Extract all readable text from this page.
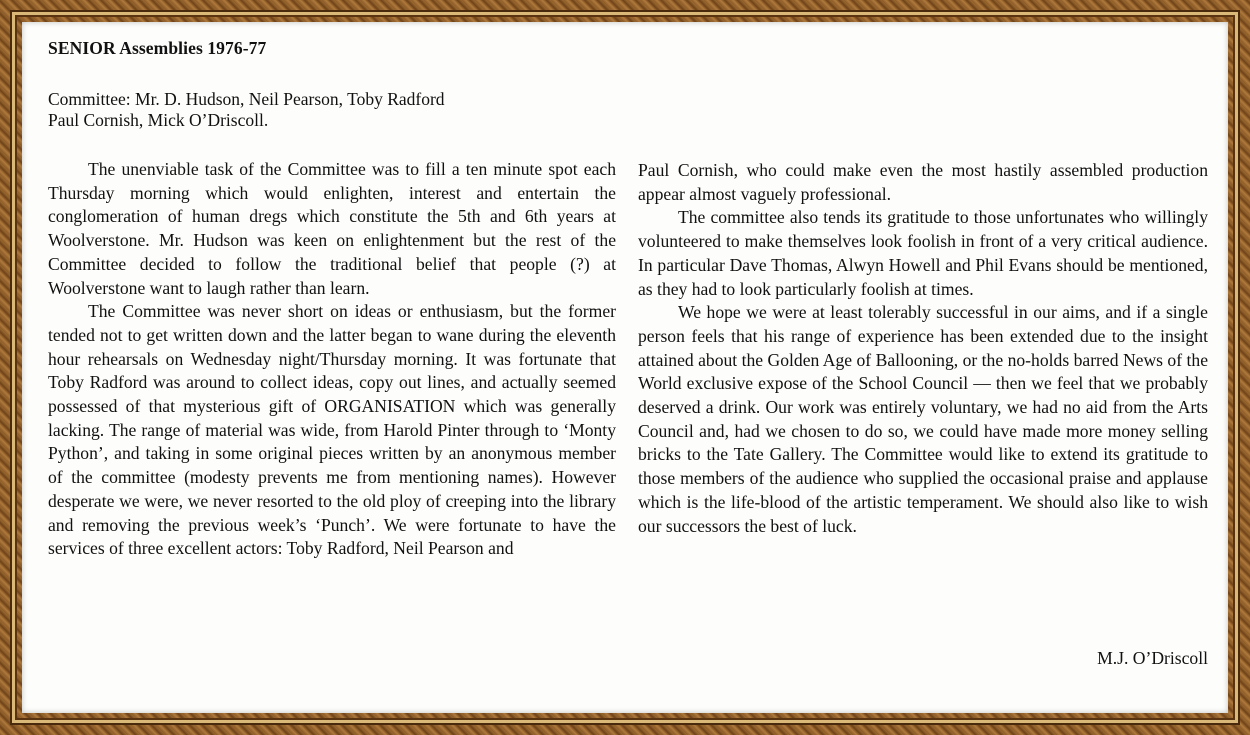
SENIOR Assemblies 1976-77
Committee: Mr. D. Hudson, Neil Pearson, Toby Radford
Paul Cornish, Mick O’Driscoll.

The unenviable task of the Committee was to fill a ten minute spot each Thursday morning which would enlighten, interest and entertain the conglomeration of human dregs which constitute the 5th and 6th years at Woolverstone. Mr. Hudson was keen on enlightenment but the rest of the Committee decided to follow the traditional belief that people (?) at Woolverstone want to laugh rather than learn.

The Committee was never short on ideas or enthusiasm, but the former tended not to get written down and the latter began to wane during the eleventh hour rehearsals on Wednesday night/Thursday morning. It was fortunate that Toby Radford was around to collect ideas, copy out lines, and actually seemed possessed of that mysterious gift of ORGANISATION which was generally lacking. The range of material was wide, from Harold Pinter through to ‘Monty Python’, and taking in some original pieces written by an anonymous member of the committee (modesty prevents me from mentioning names). However desperate we were, we never resorted to the old ploy of creeping into the library and removing the previous week’s ‘Punch’. We were fortunate to have the services of three excellent actors: Toby Radford, Neil Pearson and

Paul Cornish, who could make even the most hastily assembled production appear almost vaguely professional.

The committee also tends its gratitude to those unfortunates who willingly volunteered to make themselves look foolish in front of a very critical audience. In particular Dave Thomas, Alwyn Howell and Phil Evans should be mentioned, as they had to look particularly foolish at times.

We hope we were at least tolerably successful in our aims, and if a single person feels that his range of experience has been extended due to the insight attained about the Golden Age of Ballooning, or the no-holds barred News of the World exclusive expose of the School Council — then we feel that we probably deserved a drink. Our work was entirely voluntary, we had no aid from the Arts Council and, had we chosen to do so, we could have made more money selling bricks to the Tate Gallery. The Committee would like to extend its gratitude to those members of the audience who supplied the occasional praise and applause which is the life-blood of the artistic temperament. We should also like to wish our successors the best of luck.

M.J. O’Driscoll
